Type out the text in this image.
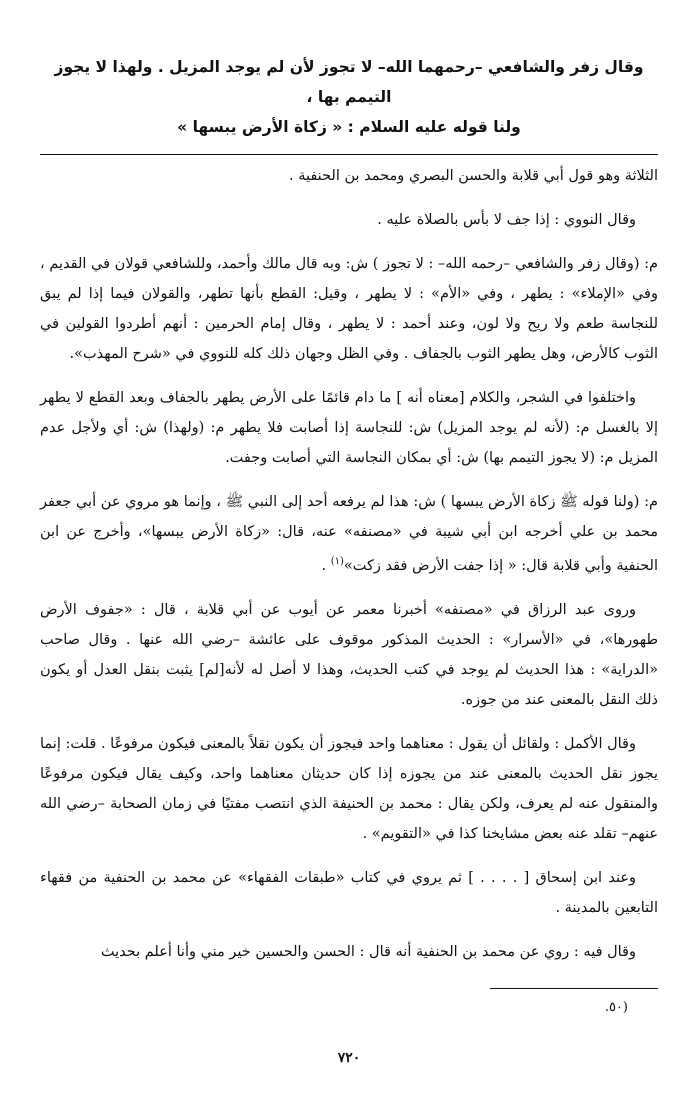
وقال زفر والشافعي –رحمهما الله– لا تجوز لأن لم يوجد المزيل . ولهذا لا يجوز التيمم بها ،

ولنا قوله عليه السلام : « زكاة الأرض يبسها »

الثلاثة وهو قول أبي قلابة والحسن البصري ومحمد بن الحنفية .

وقال النووي : إذا جف لا بأس بالصلاة عليه .

م: (وقال زفر والشافعي –رحمه الله– : لا تجوز ) ش: وبه قال مالك وأحمد، وللشافعي قولان في القديم ، وفي «الإملاء» : يطهر ، وفي «الأم» : لا يطهر ، وقيل: القطع بأنها تطهر، والقولان فيما إذا لم يبق للنجاسة طعم ولا ريح ولا لون، وعند أحمد : لا يطهر ، وقال إمام الحرمين : أنهم أطردوا القولين في الثوب كالأرض، وهل يطهر الثوب بالجفاف . وفي الظل وجهان ذلك كله للنووي في «شرح المهذب».

واختلفوا في الشجر، والكلام [معناه أنه ] ما دام قائمًا على الأرض يطهر بالجفاف وبعد القطع لا يطهر إلا بالغسل م: (لأنه لم يوجد المزيل) ش: للنجاسة إذا أصابت فلا يطهر م: (ولهذا) ش: أي ولأجل عدم المزيل م: (لا يجوز التيمم بها) ش: أي بمكان النجاسة التي أصابت وجفت.

م: (ولنا قوله ﷺ زكاة الأرض يبسها ) ش: هذا لم يرفعه أحد إلى النبي ﷺ ، وإنما هو مروي عن أبي جعفر محمد بن علي أخرجه ابن أبي شيبة في «مصنفه» عنه، قال: «زكاة الأرض يبسها»، وأخرج عن ابن الحنفية وأبي قلابة قال: « إذا جفت الأرض فقد زكت»$^{(١)}$ .

وروى عبد الرزاق في «مصنفه» أخبرنا معمر عن أيوب عن أبي قلابة ، قال : «جفوف الأرض طهورها»، في «الأسرار» : الحديث المذكور موقوف على عائشة –رضي الله عنها . وقال صاحب «الدراية» : هذا الحديث لم يوجد في كتب الحديث، وهذا لا أصل له لأنه[لم] يثبت بنقل العدل أو يكون ذلك النقل بالمعنى عند من جوزه.

وقال الأكمل : ولقائل أن يقول : معناهما واحد فيجوز أن يكون نقلاً بالمعنى فيكون مرفوعًا . قلت: إنما يجوز نقل الحديث بالمعنى عند من يجوزه إذا كان حديثان معناهما واحد، وكيف يقال فيكون مرفوعًا والمنقول عنه لم يعرف، ولكن يقال : محمد بن الحنيفة الذي انتصب مفتيًا في زمان الصحابة –رضي الله عنهم– تقلد عنه بعض مشايخنا كذا في «التقويم» .

وعند ابن إسحاق [ . . . . ] ثم يروي في كتاب «طبقات الفقهاء» عن محمد بن الحنفية من فقهاء التابعين بالمدينة .

وقال فيه : روي عن محمد بن الحنفية أنه قال : الحسن والحسين خير مني وأنا أعلم بحديث

(٥٠.
٧٢٠
